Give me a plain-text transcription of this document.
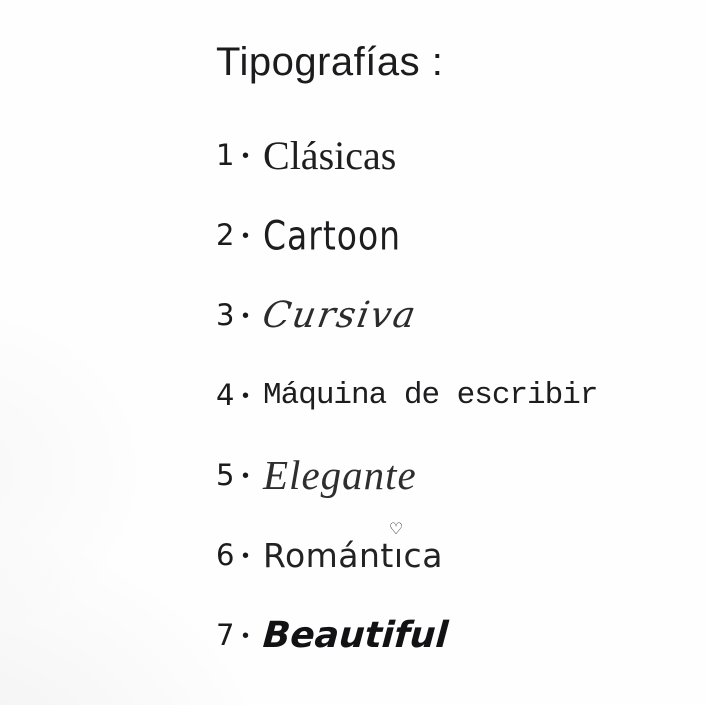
Tipografías :
1 • Clásicas
2 • Cartoon
3 • Cursiva
4 • Máquina de escribir
5 • Elegante
6 • Romántı
♡
ca
7 • Beautiful
